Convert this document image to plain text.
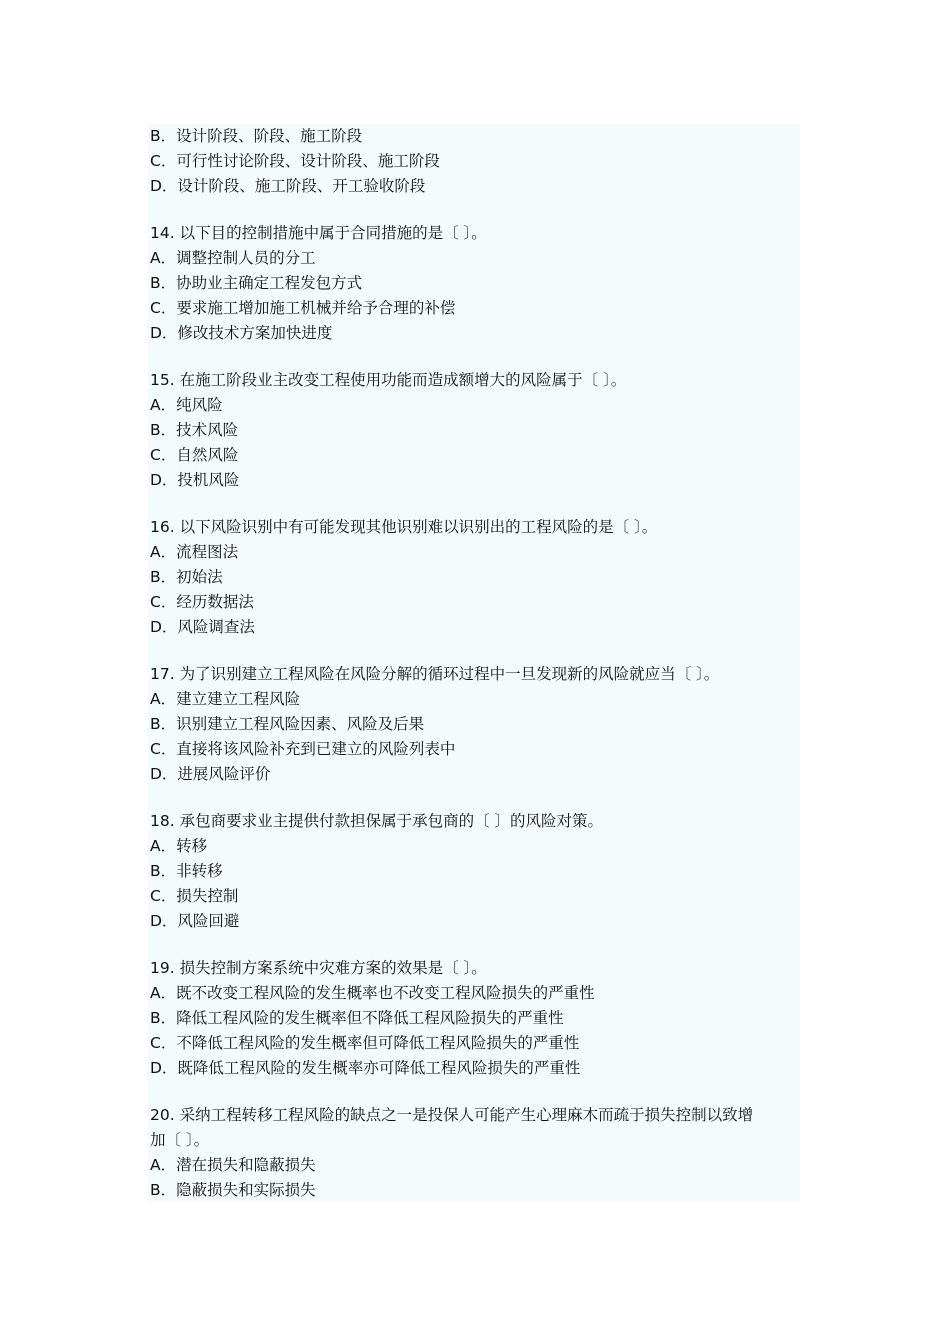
B．设计阶段、阶段、施工阶段
C．可行性讨论阶段、设计阶段、施工阶段
D．设计阶段、施工阶段、开工验收阶段
14. 以下目的控制措施中属于合同措施的是〔 〕。
A．调整控制人员的分工
B．协助业主确定工程发包方式
C．要求施工增加施工机械并给予合理的补偿
D．修改技术方案加快进度
15. 在施工阶段业主改变工程使用功能而造成额增大的风险属于〔 〕。
A．纯风险
B．技术风险
C．自然风险
D．投机风险
16. 以下风险识别中有可能发现其他识别难以识别出的工程风险的是〔 〕。
A．流程图法
B．初始法
C．经历数据法
D．风险调查法
17. 为了识别建立工程风险在风险分解的循环过程中一旦发现新的风险就应当〔 〕。
A．建立建立工程风险
B．识别建立工程风险因素、风险及后果
C．直接将该风险补充到已建立的风险列表中
D．进展风险评价
18. 承包商要求业主提供付款担保属于承包商的〔 〕的风险对策。
A．转移
B．非转移
C．损失控制
D．风险回避
19. 损失控制方案系统中灾难方案的效果是〔 〕。
A．既不改变工程风险的发生概率也不改变工程风险损失的严重性
B．降低工程风险的发生概率但不降低工程风险损失的严重性
C．不降低工程风险的发生概率但可降低工程风险损失的严重性
D．既降低工程风险的发生概率亦可降低工程风险损失的严重性
20. 采纳工程转移工程风险的缺点之一是投保人可能产生心理麻木而疏于损失控制以致增
加〔 〕。
A．潜在损失和隐蔽损失
B．隐蔽损失和实际损失
